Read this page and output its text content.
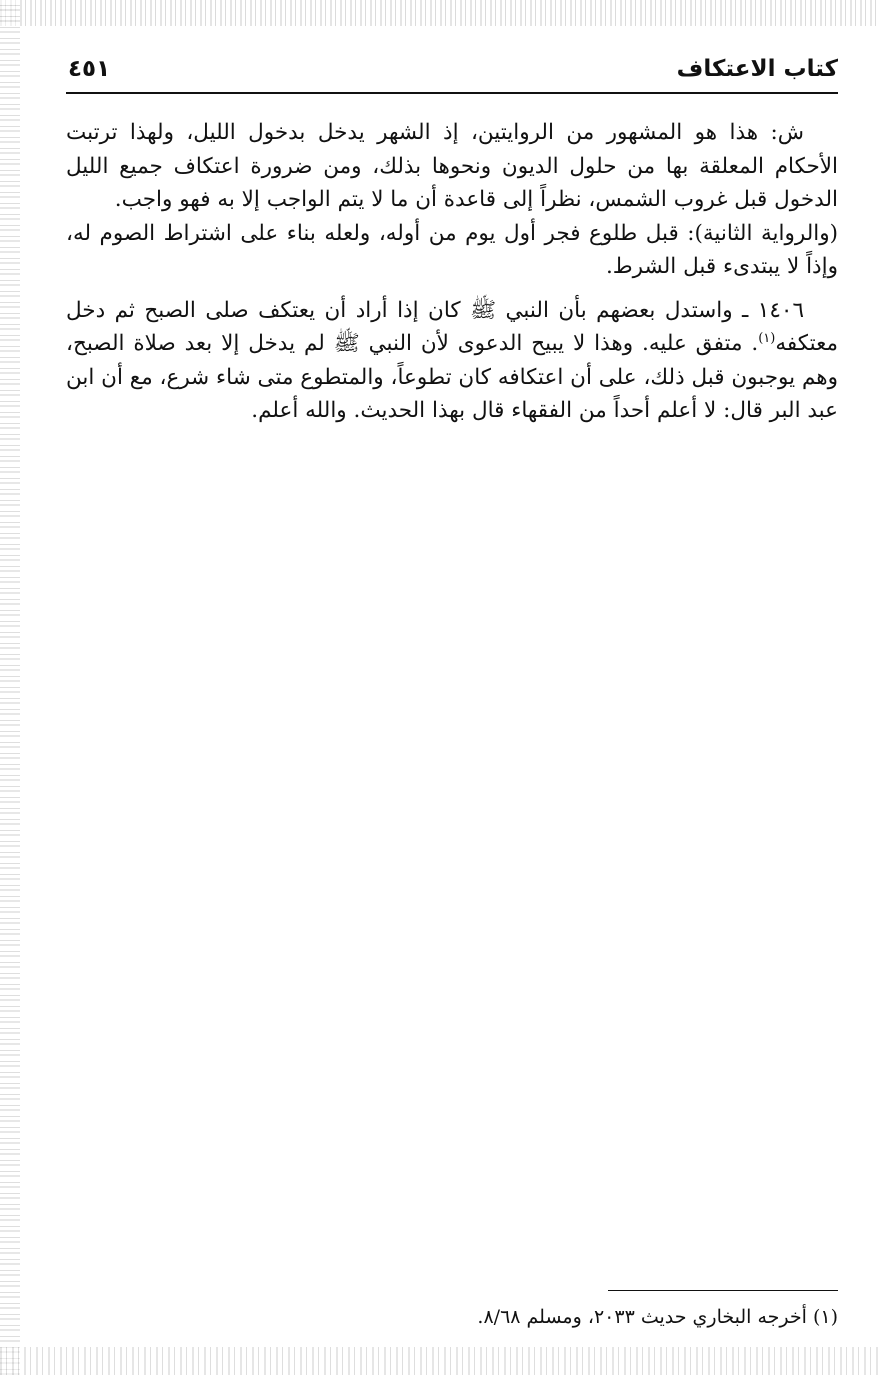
كتاب الاعتكاف
٤٥١

ش: هذا هو المشهور من الروايتين، إذ الشهر يدخل بدخول الليل، ولهذا ترتبت الأحكام المعلقة بها من حلول الديون ونحوها بذلك، ومن ضرورة اعتكاف جميع الليل الدخول قبل غروب الشمس، نظراً إلى قاعدة أن ما لا يتم الواجب إلا به فهو واجب.

(والرواية الثانية): قبل طلوع فجر أول يوم من أوله، ولعله بناء على اشتراط الصوم له، وإذاً لا يبتدىء قبل الشرط.

١٤٠٦ ـ واستدل بعضهم بأن النبي ﷺ كان إذا أراد أن يعتكف صلى الصبح ثم دخل معتكفه$^{(١)}$. متفق عليه. وهذا لا يبيح الدعوى لأن النبي ﷺ لم يدخل إلا بعد صلاة الصبح، وهم يوجبون قبل ذلك، على أن اعتكافه كان تطوعاً، والمتطوع متى شاء شرع، مع أن ابن عبد البر قال: لا أعلم أحداً من الفقهاء قال بهذا الحديث. والله أعلم.

(١) أخرجه البخاري حديث ٢٠٣٣، ومسلم ٨/٦٨.
